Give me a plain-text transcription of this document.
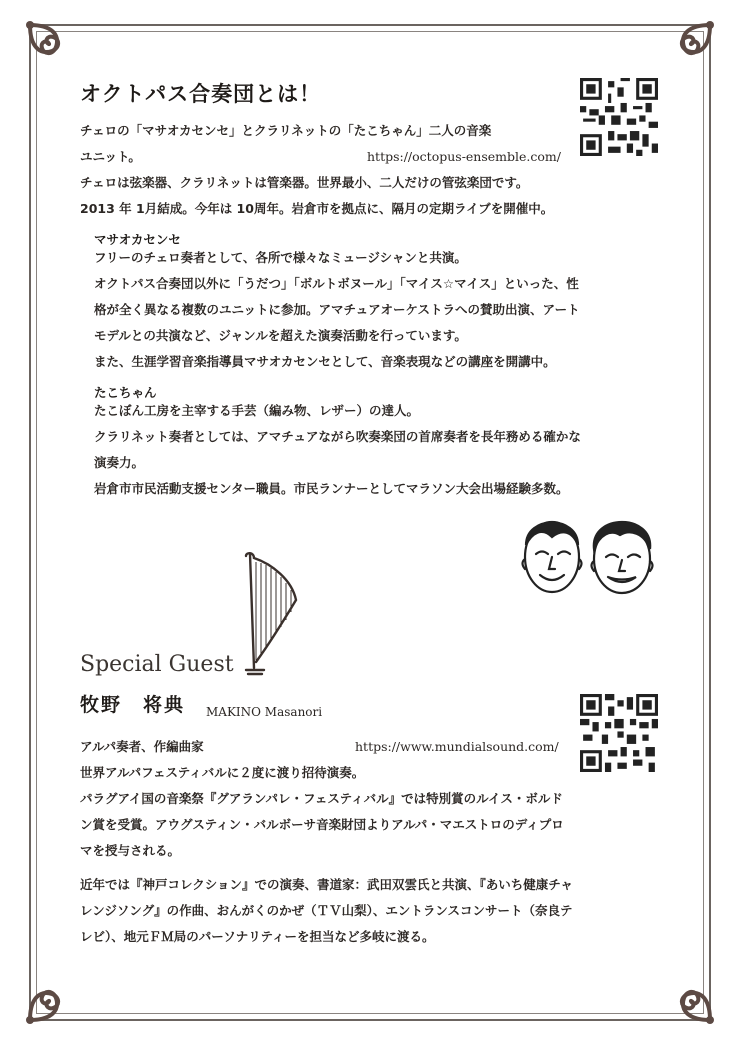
オクトパス合奏団とは！
チェロの「マサオカセンセ」とクラリネットの「たこちゃん」二人の音楽
ユニット。	https://octopus-ensemble.com/
チェロは弦楽器、クラリネットは管楽器。世界最小、二人だけの管弦楽団です。
2013 年 1月結成。今年は 10周年。岩倉市を拠点に、隔月の定期ライブを開催中。
マサオカセンセ
フリーのチェロ奏者として、各所で様々なミュージシャンと共演。
オクトパス合奏団以外に「うだつ」「ボルトボヌール」「マイス☆マイス」といった、性
格が全く異なる複数のユニットに参加。アマチュアオーケストラへの賛助出演、アート
モデルとの共演など、ジャンルを超えた演奏活動を行っています。
また、生涯学習音楽指導員マサオカセンセとして、音楽表現などの講座を開講中。
たこちゃん
たこぼん工房を主宰する手芸（編み物、レザー）の達人。
クラリネット奏者としては、アマチュアながら吹奏楽団の首席奏者を長年務める確かな
演奏力。
岩倉市市民活動支援センター職員。市民ランナーとしてマラソン大会出場経験多数。
Special Guest
牧野　将典 MAKINO Masanori
アルパ奏者、作編曲家	https://www.mundialsound.com/
世界アルパフェスティバルに２度に渡り招待演奏。
パラグアイ国の音楽祭『グアランパレ・フェスティバル』では特別賞のルイス・ボルド
ン賞を受賞。アウグスティン・バルボーサ音楽財団よりアルパ・マエストロのディプロ
マを授与される。
近年では『神戸コレクション』での演奏、書道家：武田双雲氏と共演、『あいち健康チャ
レンジソング』の作曲、おんがくのかぜ（ＴＶ山梨）、エントランスコンサート（奈良テ
レビ）、地元ＦＭ局のパーソナリティーを担当など多岐に渡る。
